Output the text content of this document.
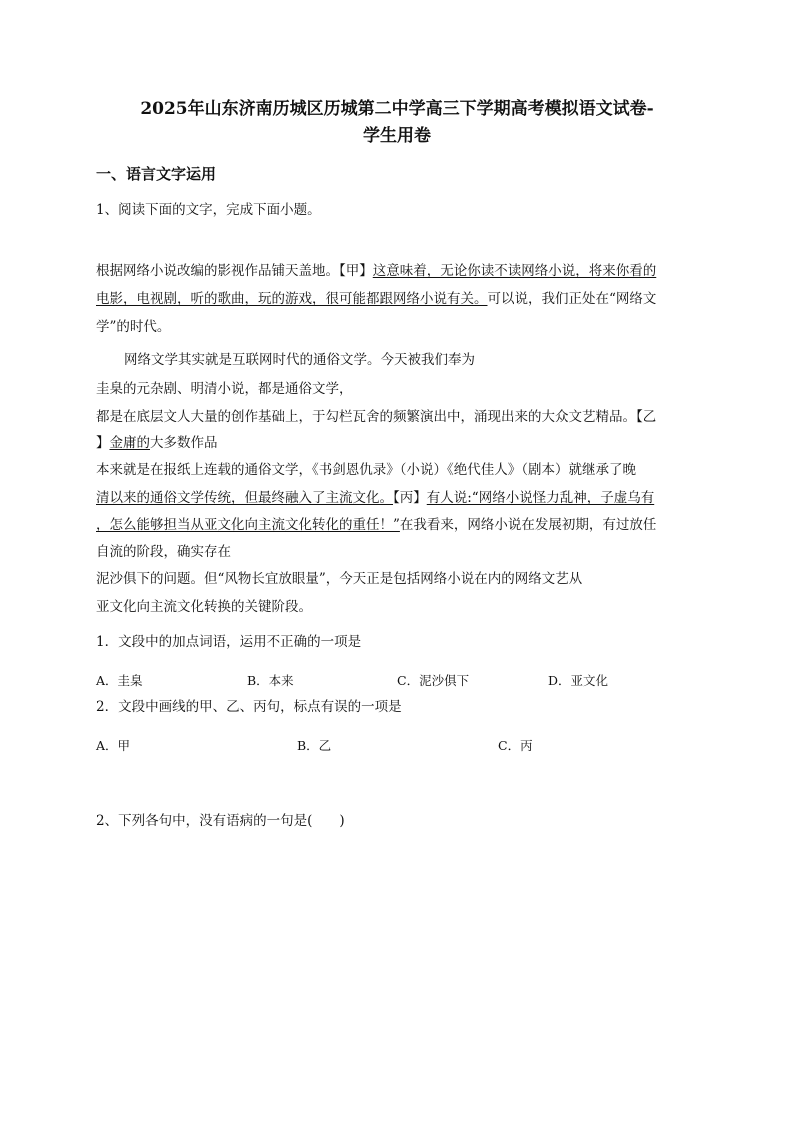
2025年山东济南历城区历城第二中学高三下学期高考模拟语文试卷-
学生用卷
一、语言文字运用
1、阅读下面的文字，完成下面小题。
根据网络小说改编的影视作品铺天盖地。【甲】这意味着，无论你读不读网络小说，将来你看的
电影，电视剧，听的歌曲，玩的游戏，很可能都跟网络小说有关。可以说，我们正处在“网络文
学”的时代。
网络文学其实就是互联网时代的通俗文学。今天被我们奉为
圭臬的元杂剧、明清小说，都是通俗文学，
都是在底层文人大量的创作基础上，于勾栏瓦舍的频繁演出中，涌现出来的大众文艺精品。【乙
】金庸的大多数作品
本来就是在报纸上连载的通俗文学，《书剑恩仇录》（小说）《绝代佳人》（剧本）就继承了晚
清以来的通俗文学传统，但最终融入了主流文化。【丙】有人说:“网络小说怪力乱神，子虚乌有
，怎么能够担当从亚文化向主流文化转化的重任！”在我看来，网络小说在发展初期，有过放任
自流的阶段，确实存在
泥沙俱下的问题。但“风物长宜放眼量”，今天正是包括网络小说在内的网络文艺从
亚文化向主流文化转换的关键阶段。
1．文段中的加点词语，运用不正确的一项是
A．圭臬	B．本来	C．泥沙俱下	D．亚文化
2．文段中画线的甲、乙、丙句，标点有误的一项是
A．甲	B．乙	C．丙
2、下列各句中，没有语病的一句是(　　)
